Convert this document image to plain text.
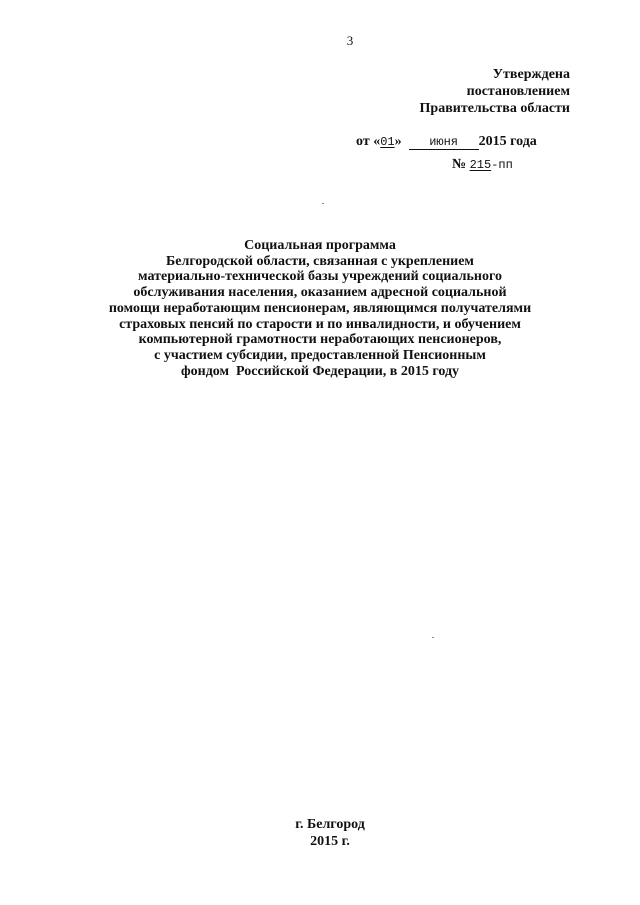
3
Утверждена
постановлением
Правительства области
от «01» июня 2015 года
№ 215-пп
Социальная программа
Белгородской области, связанная с укреплением
материально-технической базы учреждений социального
обслуживания населения, оказанием адресной социальной
помощи неработающим пенсионерам, являющимся получателями
страховых пенсий по старости и по инвалидности, и обучением
компьютерной грамотности неработающих пенсионеров,
с участием субсидии, предоставленной Пенсионным
фондом  Российской Федерации, в 2015 году
г. Белгород
2015 г.
